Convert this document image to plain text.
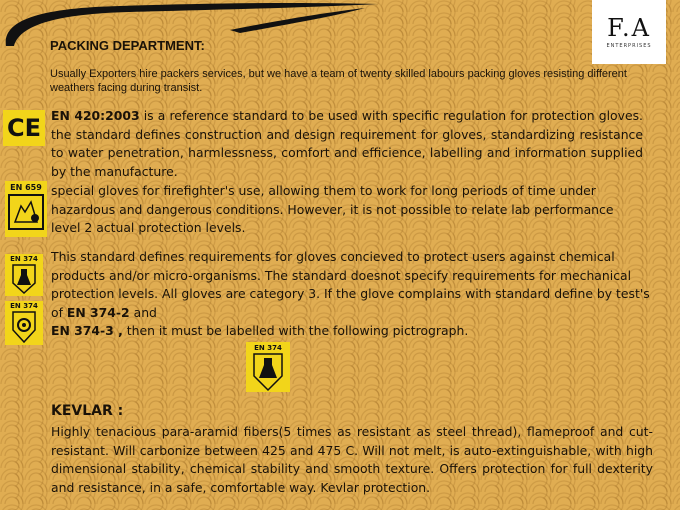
F.A
ENTERPRISES
PACKING DEPARTMENT:
Usually Exporters hire packers services, but we have a team of twenty skilled labours packing gloves resisting different weathers facing during transist.
CE EN 420:2003 is a reference standard to be used with specific regulation for protection gloves. the standard defines construction and design requirement for gloves, standardizing resistance to water penetration, harmlessness, comfort and efficience, labelling and information supplied by the manufacture.
EN 659 special gloves for firefighter's use, allowing them to work for long periods of time under hazardous and dangerous conditions. However, it is not possible to relate lab performance level 2 actual protection levels.
EN 374
EN 374
This standard defines requirements for gloves concieved to protect users against chemical products and/or micro-organisms. The standard doesnot specify requirements for mechanical protection levels. All gloves are category 3. If the glove complains with standard define by test's of EN 374-2 and
EN 374-3 , then it must be labelled with the following pictrograph.
EN 374
KEVLAR :
Highly tenacious para-aramid fibers(5 times as resistant as steel thread), flameproof and cut-resistant. Will carbonize between 425 and 475 C. Will not melt, is auto-extinguishable, with high dimensional stability, chemical stability and smooth texture. Offers protection for full dexterity and resistance, in a safe, comfortable way. Kevlar protection.
